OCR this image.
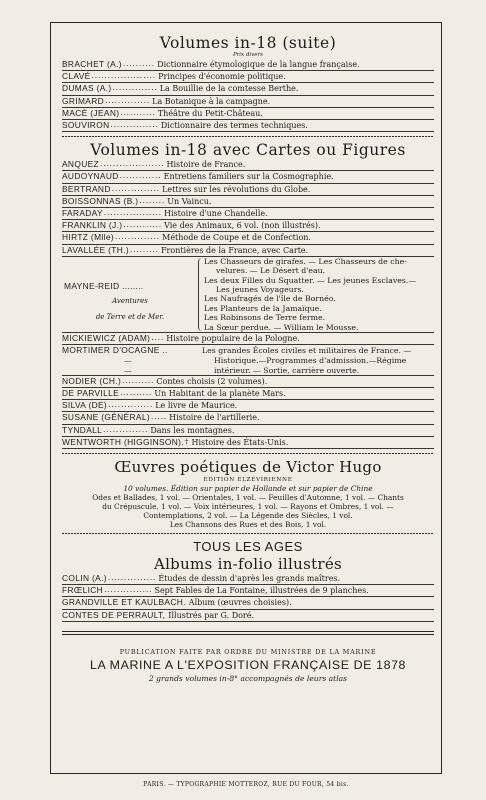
Volumes in-18 (suite)
Prix divers
BRACHET (A.) .......... Dictionnaire étymologique de la langue française.
CLAVÉ .................... Principes d'économie politique.
DUMAS (A.) .............. La Bouillie de la comtesse Berthe.
GRIMARD .............. La Botanique à la campagne.
MACÉ (JEAN) ........... Théâtre du Petit-Château.
SOUVIRON ............... Dictionnaire des termes techniques.
Volumes in-18 avec Cartes ou Figures
ANQUEZ .................... Histoire de France.
AUDOYNAUD ............. Entretiens familiers sur la Cosmographie.
BERTRAND ............... Lettres sur les révolutions du Globe.
BOISSONNAS (B.) ........ Un Vaincu.
FARADAY .................. Histoire d'une Chandelle.
FRANKLIN (J.) ............ Vie des Animaux, 6 vol. (non illustrés).
HIRTZ (Mlle) .............. Méthode de Coupe et de Confection.
LAVALLÉE (TH.) ......... Frontières de la France, avec Carte.
MAYNE-REID ........
Aventures
de Terre et de Mer.
Les Chasseurs de girafes. — Les Chasseurs de che-
velures. — Le Désert d'eau.
Les deux Filles du Squatter. — Les jeunes Esclaves.—
Les jeunes Voyageurs.
Les Naufragés de l'île de Bornéo.
Les Planteurs de la Jamaïque.
Les Robinsons de Terre ferme.
La Sœur perdue. — William le Mousse.
MICKIEWICZ (ADAM) .... Histoire populaire de la Pologne.
MORTIMER D'OCAGNE ..
—
—
Les grandes Écoles civiles et militaires de France. —
Historique.—Programmes d'admission.—Régime
intérieur. — Sortie, carrière ouverte.
NODIER (CH.) .......... Contes choisis (2 volumes).
DE PARVILLE .......... Un Habitant de la planète Mars.
SILVA (DE) .............. Le livre de Maurice.
SUSANE (GÉNÉRAL) ..... Histoire de l'artillerie.
TYNDALL .............. Dans les montagnes.
WENTWORTH (HIGGINSON). † Histoire des États-Unis.
Œuvres poétiques de Victor Hugo
ÉDITION ELZÉVIRIENNE
10 volumes. Édition sur papier de Hollande et sur papier de Chine
Odes et Ballades, 1 vol. — Orientales, 1 vol. — Feuilles d'Automne, 1 vol. — Chants
du Crépuscule, 1 vol. — Voix intérieures, 1 vol. — Rayons et Ombres, 1 vol. —
Contemplations, 2 vol. — La Légende des Siècles, 1 vol.
Les Chansons des Rues et des Bois, 1 vol.
TOUS LES AGES
Albums in-folio illustrés
COLIN (A.) ............... Études de dessin d'après les grands maîtres.
FRŒLICH ............... Sept Fables de La Fontaine, illustrées de 9 planches.
GRANDVILLE ET KAULBACH. Album (œuvres choisies).
CONTES DE PERRAULT, Illustrés par G. Doré.
PUBLICATION FAITE PAR ORDRE DU MINISTRE DE LA MARINE
LA MARINE A L'EXPOSITION FRANÇAISE DE 1878
2 grands volumes in-8° accompagnés de leurs atlas
PARIS. — TYPOGRAPHIE MOTTEROZ, RUE DU FOUR, 54 bis.
